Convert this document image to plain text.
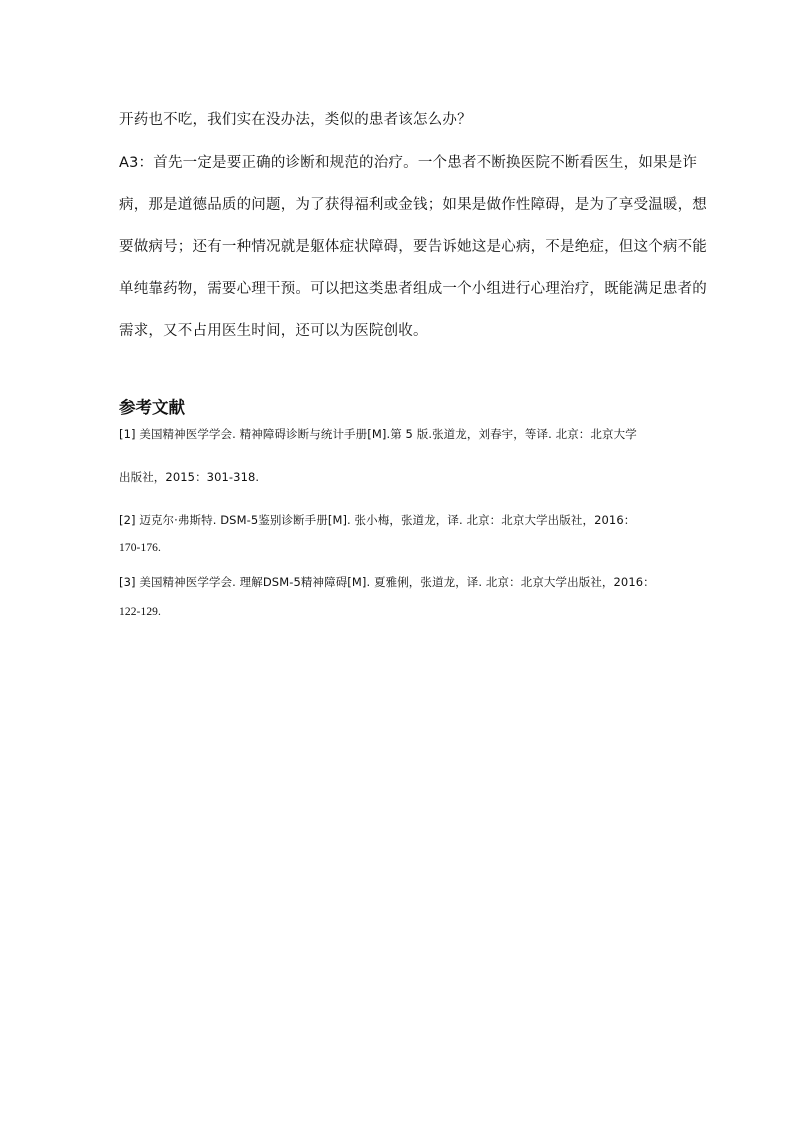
开药也不吃，我们实在没办法，类似的患者该怎么办？
A3：首先一定是要正确的诊断和规范的治疗。一个患者不断换医院不断看医生，如果是诈
病，那是道德品质的问题，为了获得福利或金钱；如果是做作性障碍，是为了享受温暖，想
要做病号；还有一种情况就是躯体症状障碍，要告诉她这是心病，不是绝症，但这个病不能
单纯靠药物，需要心理干预。可以把这类患者组成一个小组进行心理治疗，既能满足患者的
需求，又不占用医生时间，还可以为医院创收。
参考文献
[1] 美国精神医学学会. 精神障碍诊断与统计手册[M].第 5 版.张道龙，刘春宇，等译. 北京：北京大学
出版社，2015：301-318.
[2] 迈克尔·弗斯特. DSM-5鉴别诊断手册[M]. 张小梅，张道龙，译. 北京：北京大学出版社，2016：
170-176.
[3] 美国精神医学学会. 理解DSM-5精神障碍[M]. 夏雅俐，张道龙，译. 北京：北京大学出版社，2016：
122-129.
